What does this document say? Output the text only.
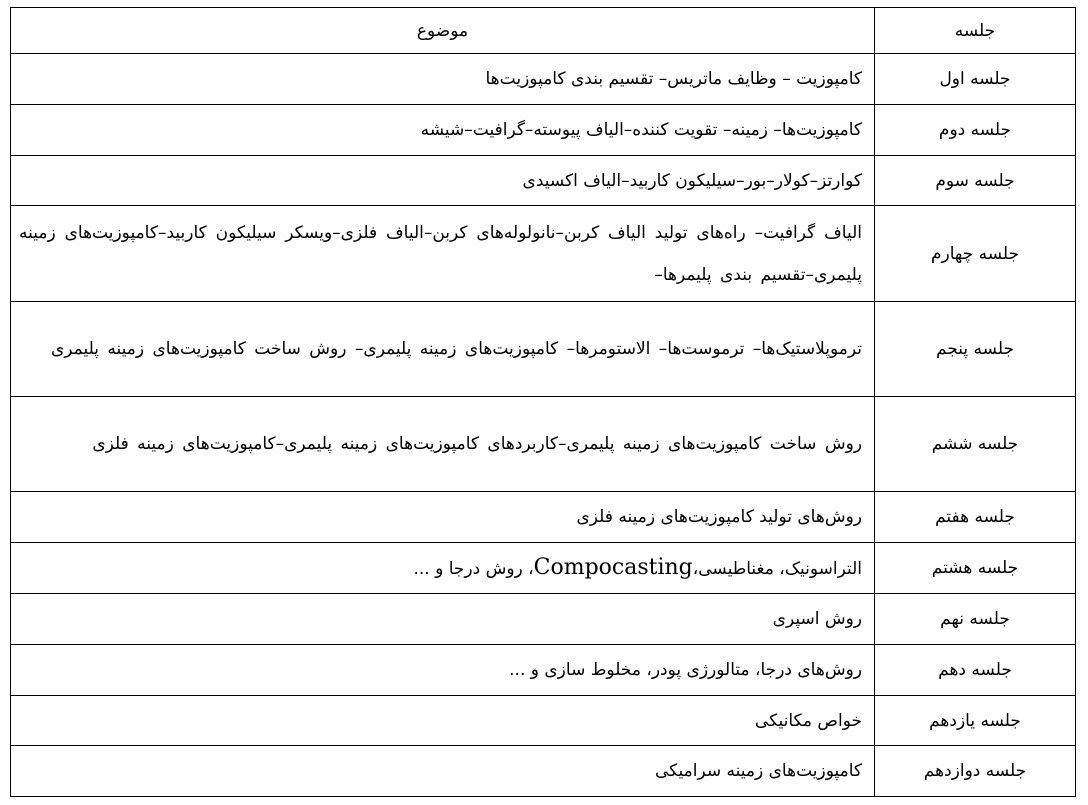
جلسه	موضوع
جلسه اول	کامپوزیت – وظایف ماتریس– تقسیم بندی کامپوزیت‌ها
جلسه دوم	کامپوزیت‌ها– زمینه– تقویت کننده–الیاف پیوسته–گرافیت–شیشه
جلسه سوم	کوارتز–کولار–بور–سیلیکون کاربید–الیاف اکسیدی
جلسه چهارم	الیاف گرافیت– راه‌های تولید الیاف کربن–نانولوله‌های کربن–الیاف فلزی–ویسکر سیلیکون کاربید–کامپوزیت‌های زمینه پلیمری–تقسیم بندی پلیمرها–
جلسه پنجم	ترموپلاستیک‌ها– ترموست‌ها– الاستومرها– کامپوزیت‌های زمینه پلیمری– روش ساخت کامپوزیت‌های زمینه پلیمری
جلسه ششم	روش ساخت کامپوزیت‌های زمینه پلیمری–کاربردهای کامپوزیت‌های زمینه پلیمری–کامپوزیت‌های زمینه فلزی
جلسه هفتم	روش‌های تولید کامپوزیت‌های زمینه فلزی
جلسه هشتم	التراسونیک، مغناطیسی،Compocasting، روش درجا و ...
جلسه نهم	روش اسپری
جلسه دهم	روش‌های درجا، متالورژی پودر، مخلوط سازی و ...
جلسه یازدهم	خواص مکانیکی
جلسه دوازدهم	کامپوزیت‌های زمینه سرامیکی
